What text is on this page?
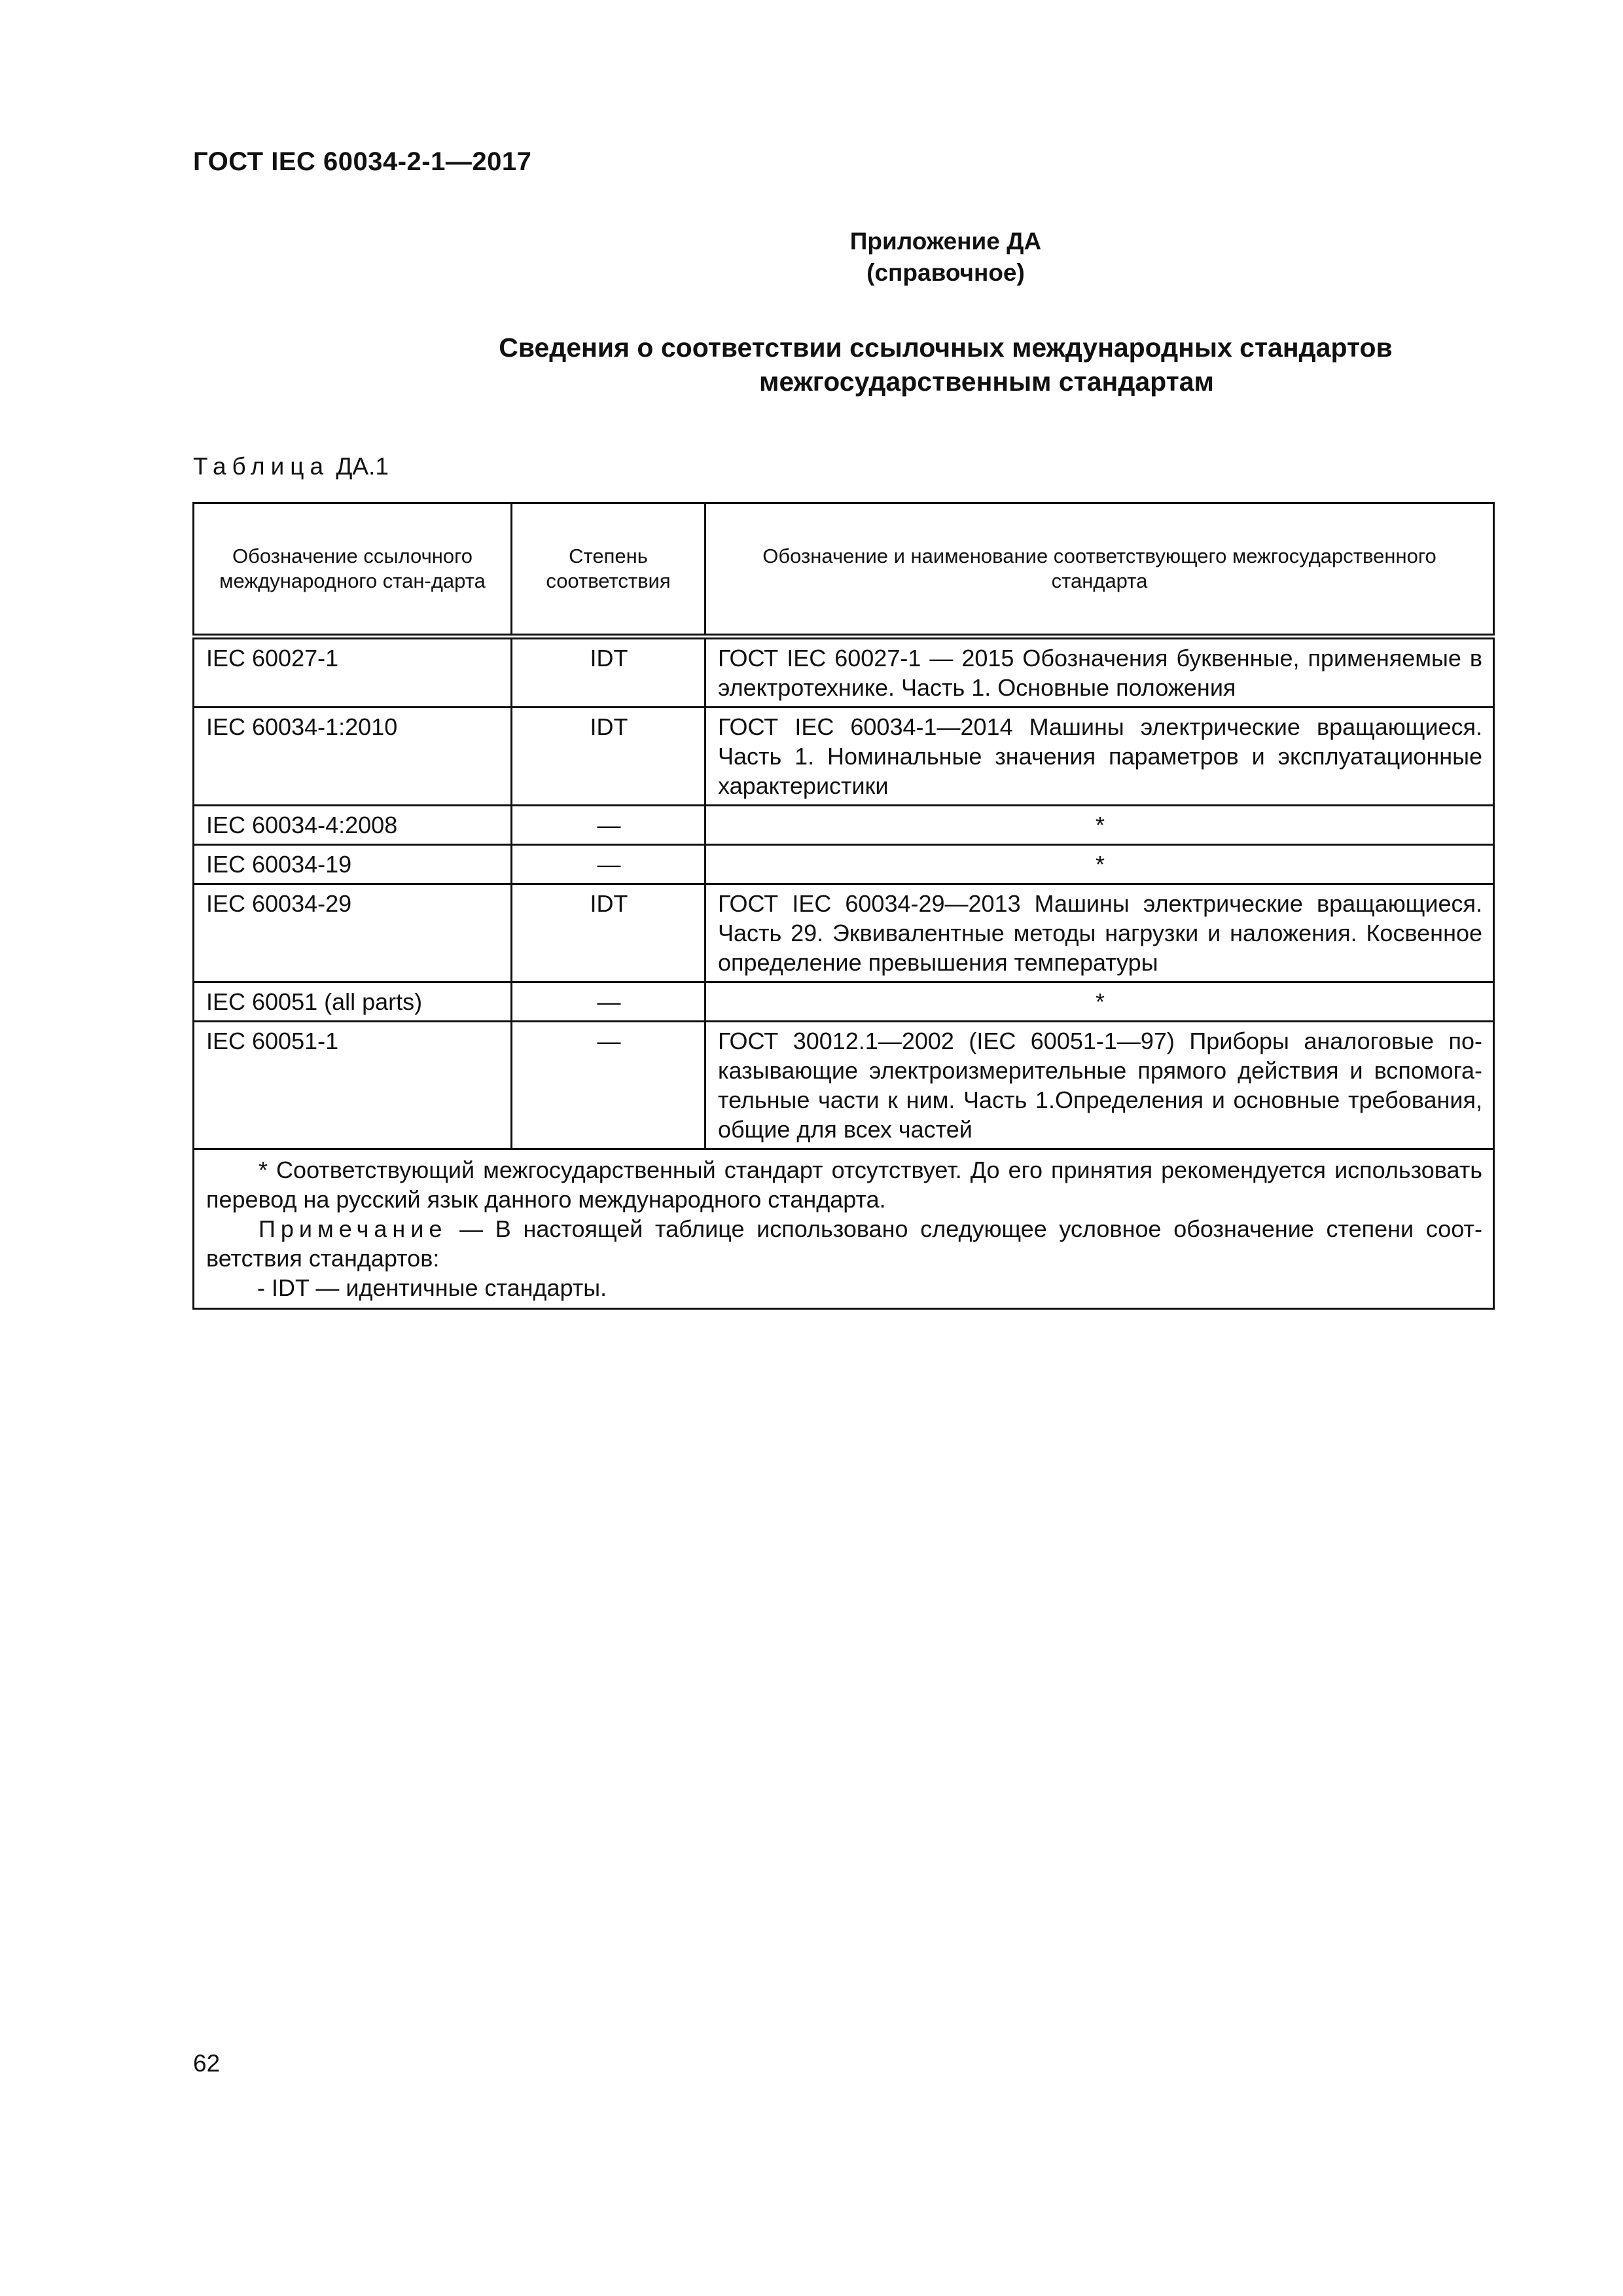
ГОСТ IEC 60034-2-1—2017
Приложение ДА
(справочное)
Сведения о соответствии ссылочных международных стандартов
межгосударственным стандартам
Таблица ДА.1
Обозначение ссылочного международного стан-дарта	Степень соответствия	Обозначение и наименование соответствующего межгосударственного стандарта
IEC 60027-1	IDT	ГОСТ IEC 60027-1 — 2015 Обозначения буквенные, применяемые в электротехнике. Часть 1. Основные положения
IEC 60034-1:2010	IDT	ГОСТ IEC 60034-1—2014 Машины электрические вращающиеся. Часть 1. Номинальные значения параметров и эксплуатационные характеристики
IEC 60034-4:2008	—	*
IEC 60034-19	—	*
IEC 60034-29	IDT	ГОСТ IEC 60034-29—2013 Машины электрические вращающиеся. Часть 29. Эквивалентные методы нагрузки и наложения. Косвенное определение превышения температуры
IEC 60051 (all parts)	—	*
IEC 60051-1	—	ГОСТ 30012.1—2002 (IEC 60051-1—97) Приборы аналоговые по-казывающие электроизмерительные прямого действия и вспомога-тельные части к ним. Часть 1.Определения и основные требования, общие для всех частей

* Соответствующий межгосударственный стандарт отсутствует. До его принятия рекомендуется использовать перевод на русский язык данного международного стандарта.
Примечание — В настоящей таблице использовано следующее условное обозначение степени соот-ветствия стандартов:
- IDT — идентичные стандарты.		
62
